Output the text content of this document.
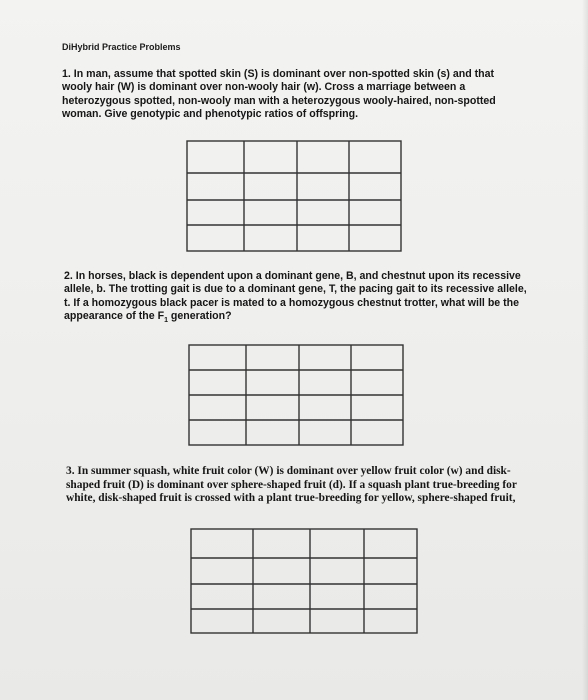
DiHybrid Practice Problems

1. In man, assume that spotted skin (S) is dominant over non-spotted skin (s) and that wooly hair (W) is dominant over non-wooly hair (w). Cross a marriage between a heterozygous spotted, non-wooly man with a heterozygous wooly-haired, non-spotted woman. Give genotypic and phenotypic ratios of offspring.

2. In horses, black is dependent upon a dominant gene, B, and chestnut upon its recessive allele, b. The trotting gait is due to a dominant gene, T, the pacing gait to its recessive allele, t. If a homozygous black pacer is mated to a homozygous chestnut trotter, what will be the appearance of the $F_1$ generation?

3. In summer squash, white fruit color (W) is dominant over yellow fruit color (w) and disk-shaped fruit (D) is dominant over sphere-shaped fruit (d). If a squash plant true-breeding for white, disk-shaped fruit is crossed with a plant true-breeding for yellow, sphere-shaped fruit,
